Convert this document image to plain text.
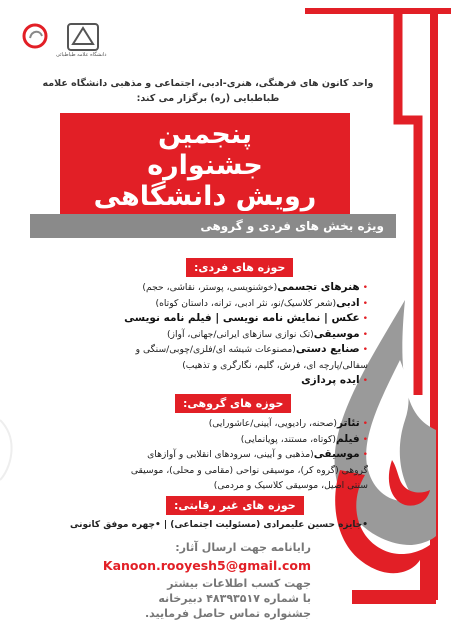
دانشگاه علامه طباطبائی
واحد کانون های فرهنگی، هنری-ادبی، اجتماعی و مذهبی دانشگاه علامه طباطبایی (ره) برگزار می کند:
پنجمین
جشنواره
رویش دانشگاهی
ویژه بخش های فردی و گروهی
حوزه های فردی:
• هنرهای تجسمی(خوشنویسی، پوستر، نقاشی، حجم)
• ادبی(شعر کلاسیک/نو، نثر ادبی، ترانه، داستان کوتاه)
• عکس | نمایش نامه نویسی | فیلم نامه نویسی
• موسیقی(تک نوازی سازهای ایرانی/جهانی، آواز)
• صنایع دستی(مصنوعات شیشه ای/فلزی/چوبی/سنگی و
سفالی/پارچه ای، فرش، گلیم، نگارگری و تذهیب)
• ایده پردازی
حوزه های گروهی:
• تئاتر(صحنه، رادیویی، آیینی/عاشورایی)
• فیلم(کوتاه، مستند، پویانمایی)
• موسیقی(مذهبی و آیینی، سرودهای انقلابی و آوازهای
گروهی (گروه کر)، موسیقی نواحی (مقامی و محلی)، موسیقی
سنتی اصیل، موسیقی کلاسیک و مردمی)
حوزه های غیر رقابتی:
•جایزه حسین علیمرادی (مسئولیت اجتماعی) | •چهره موفق کانونی
رایانامه جهت ارسال آثار:
Kanoon.rooyesh5@gmail.com
جهت کسب اطلاعات بیشتر
با شماره ۴۸۳۹۳۵۱۷ دبیرخانه
جشنواره تماس حاصل فرمایید.
